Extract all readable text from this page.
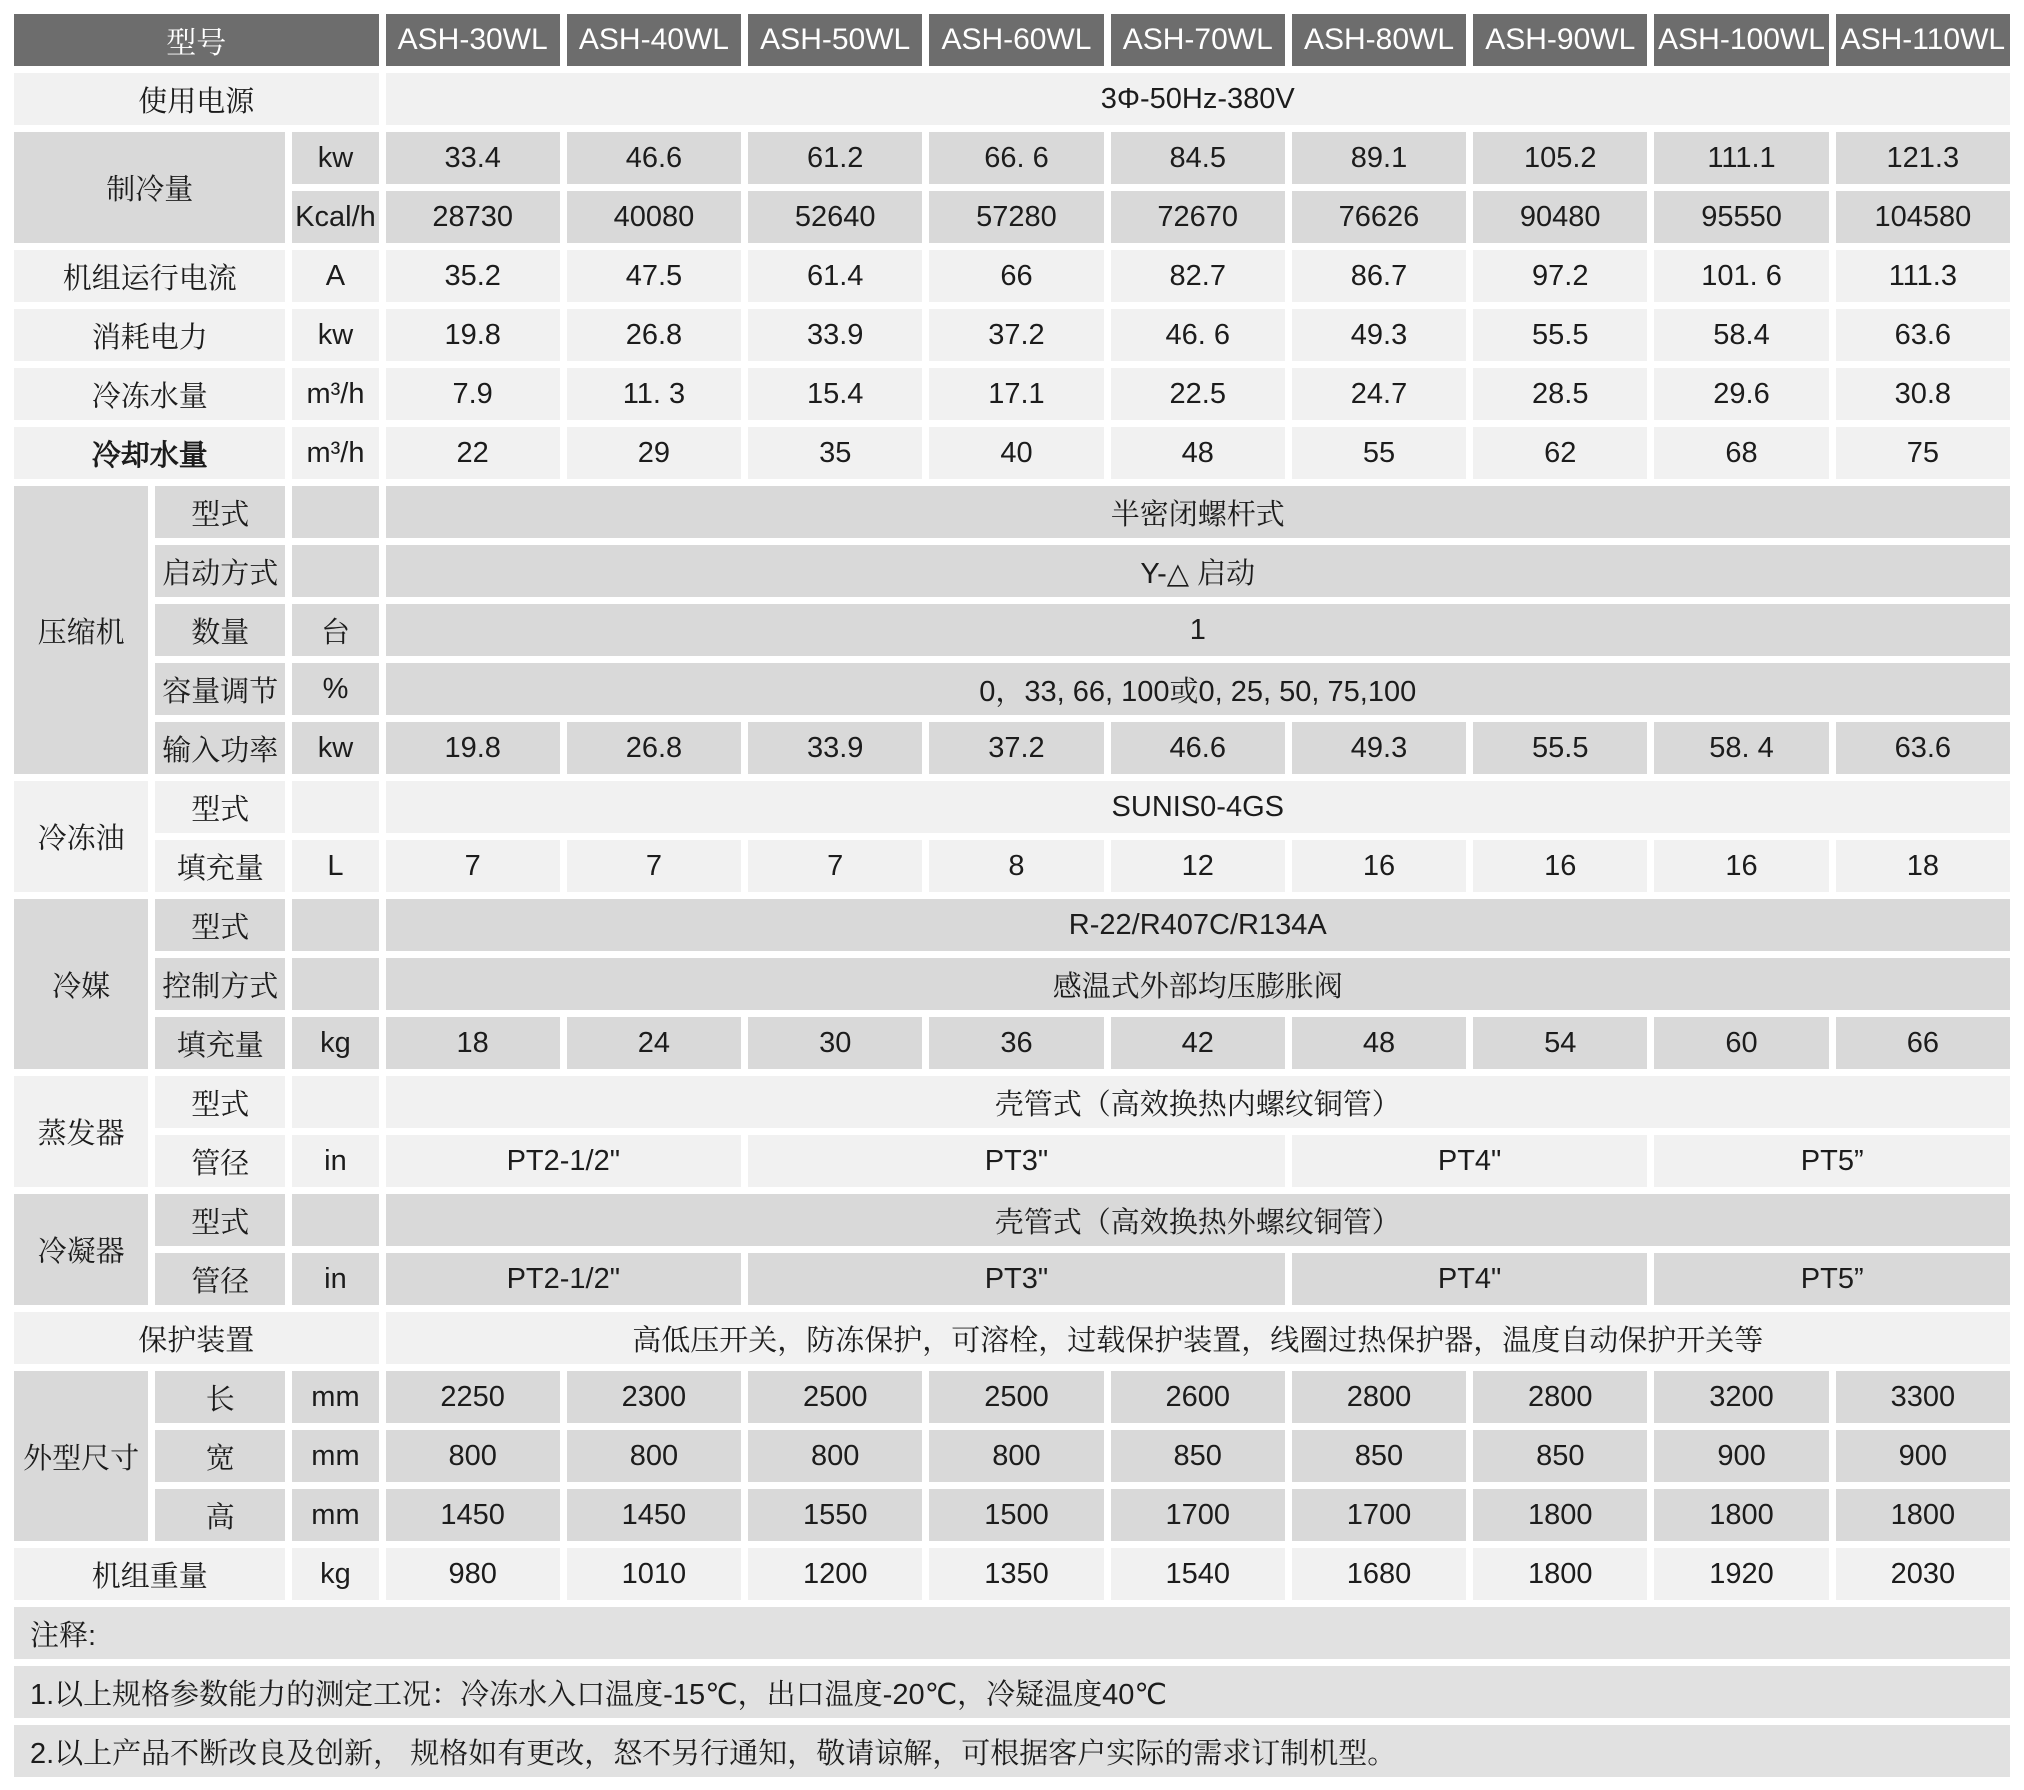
型号			ASH-30WL	ASH-40WL	ASH-50WL	ASH-60WL	ASH-70WL	ASH-80WL	ASH-90WL	ASH-100WL	ASH-110WL
使用电源			3Φ-50Hz-380V								
制冷量		kw	33.4	46.6	61.2	66. 6	84.5	89.1	105.2	111.1	121.3
		Kcal/h	28730	40080	52640	57280	72670	76626	90480	95550	104580
机组运行电流		A	35.2	47.5	61.4	66	82.7	86.7	97.2	101. 6	111.3
消耗电力		kw	19.8	26.8	33.9	37.2	46. 6	49.3	55.5	58.4	63.6
冷冻水量		m³/h	7.9	11. 3	15.4	17.1	22.5	24.7	28.5	29.6	30.8
冷却水量		m³/h	22	29	35	40	48	55	62	68	75
压缩机	型式		半密闭螺杆式								
	启动方式		Y-△ 启动								
	数量	台	1								
	容量调节	%	0，33, 66, 100或0, 25, 50, 75,100								
	输入功率	kw	19.8	26.8	33.9	37.2	46.6	49.3	55.5	58. 4	63.6
冷冻油	型式		SUNIS0-4GS								
	填充量	L	7	7	7	8	12	16	16	16	18
冷媒	型式		R-22/R407C/R134A								
	控制方式		感温式外部均压膨胀阀								
	填充量	kg	18	24	30	36	42	48	54	60	66
蒸发器	型式		壳管式（高效换热内螺纹铜管）								
	管径	in	PT2-1/2"		PT3"			PT4"		PT5”	
冷凝器	型式		壳管式（高效换热外螺纹铜管）								
	管径	in	PT2-1/2"		PT3"			PT4"		PT5”	
保护装置			高低压开关，防冻保护，可溶栓，过载保护装置，线圈过热保护器，温度自动保护开关等								
外型尺寸	长	mm	2250	2300	2500	2500	2600	2800	2800	3200	3300
	宽	mm	800	800	800	800	850	850	850	900	900
	高	mm	1450	1450	1550	1500	1700	1700	1800	1800	1800
机组重量		kg	980	1010	1200	1350	1540	1680	1800	1920	2030
注释:											
1.以上规格参数能力的测定工况：冷冻水入口温度-15℃，出口温度-20℃，冷疑温度40℃											
2.以上产品不断改良及创新， 规格如有更改，怒不另行通知，敬请谅解，可根据客户实际的需求订制机型。											
